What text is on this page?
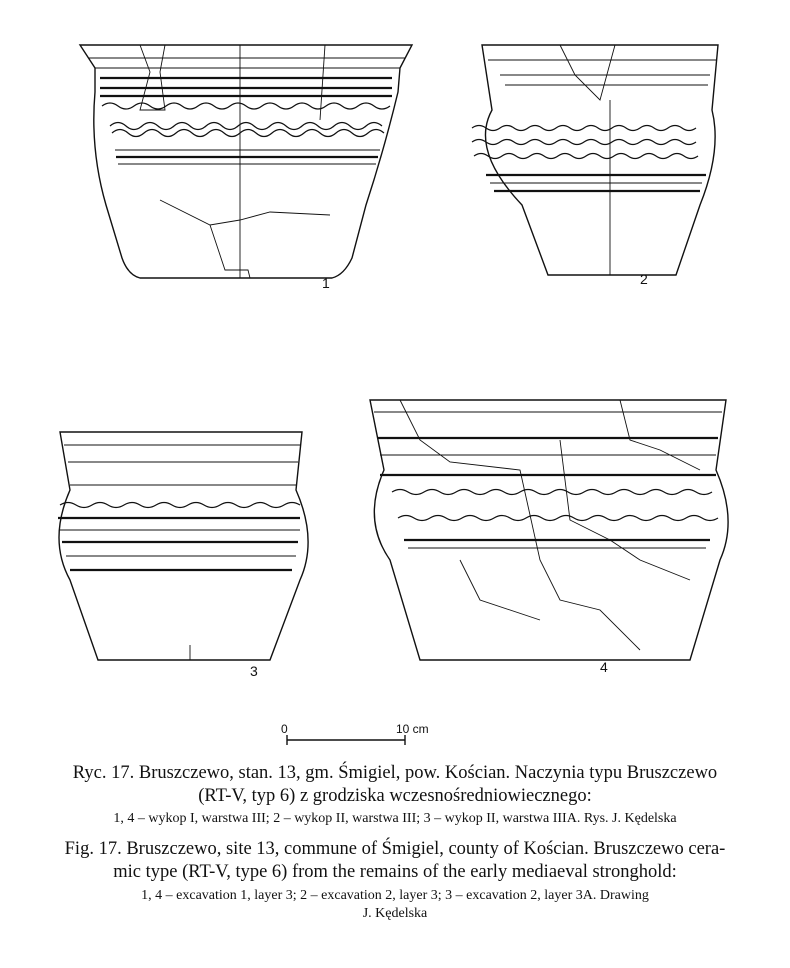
1	2
3	4
0	10 cm
Ryc. 17. Bruszczewo, stan. 13, gm. Śmigiel, pow. Kościan. Naczynia typu Bruszczewo
(RT-V, typ 6) z grodziska wczesnośredniowiecznego:
1, 4 – wykop I, warstwa III; 2 – wykop II, warstwa III; 3 – wykop II, warstwa IIIA. Rys. J. Kędelska
Fig. 17. Bruszczewo, site 13, commune of Śmigiel, county of Kościan. Bruszczewo cera-
mic type (RT-V, type 6) from the remains of the early mediaeval stronghold:
1, 4 – excavation 1, layer 3; 2 – excavation 2, layer 3; 3 – excavation 2, layer 3A. Drawing
J. Kędelska
